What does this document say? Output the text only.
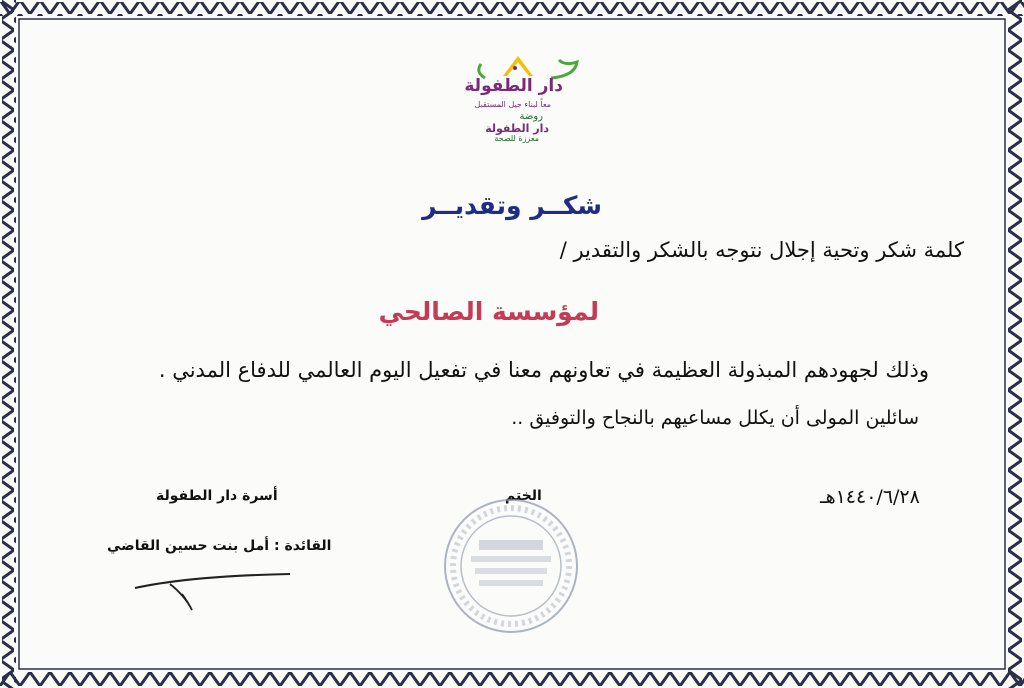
دار الطفولة
معاً لبناء جيل المستقبل
روضة
دار الطفولة
معززة للصحة
شكــر وتقديــر
كلمة شكر وتحية إجلال نتوجه بالشكر والتقدير /
لمؤسسة الصالحي
وذلك لجهودهم المبذولة العظيمة في تعاونهم معنا في تفعيل اليوم العالمي للدفاع المدني .
سائلين المولى أن يكلل مساعيهم بالنجاح والتوفيق ..
١٤٤٠/٦/٢٨هـ
الختم
أسرة دار الطفولة
القائدة : أمل بنت حسين القاضي
